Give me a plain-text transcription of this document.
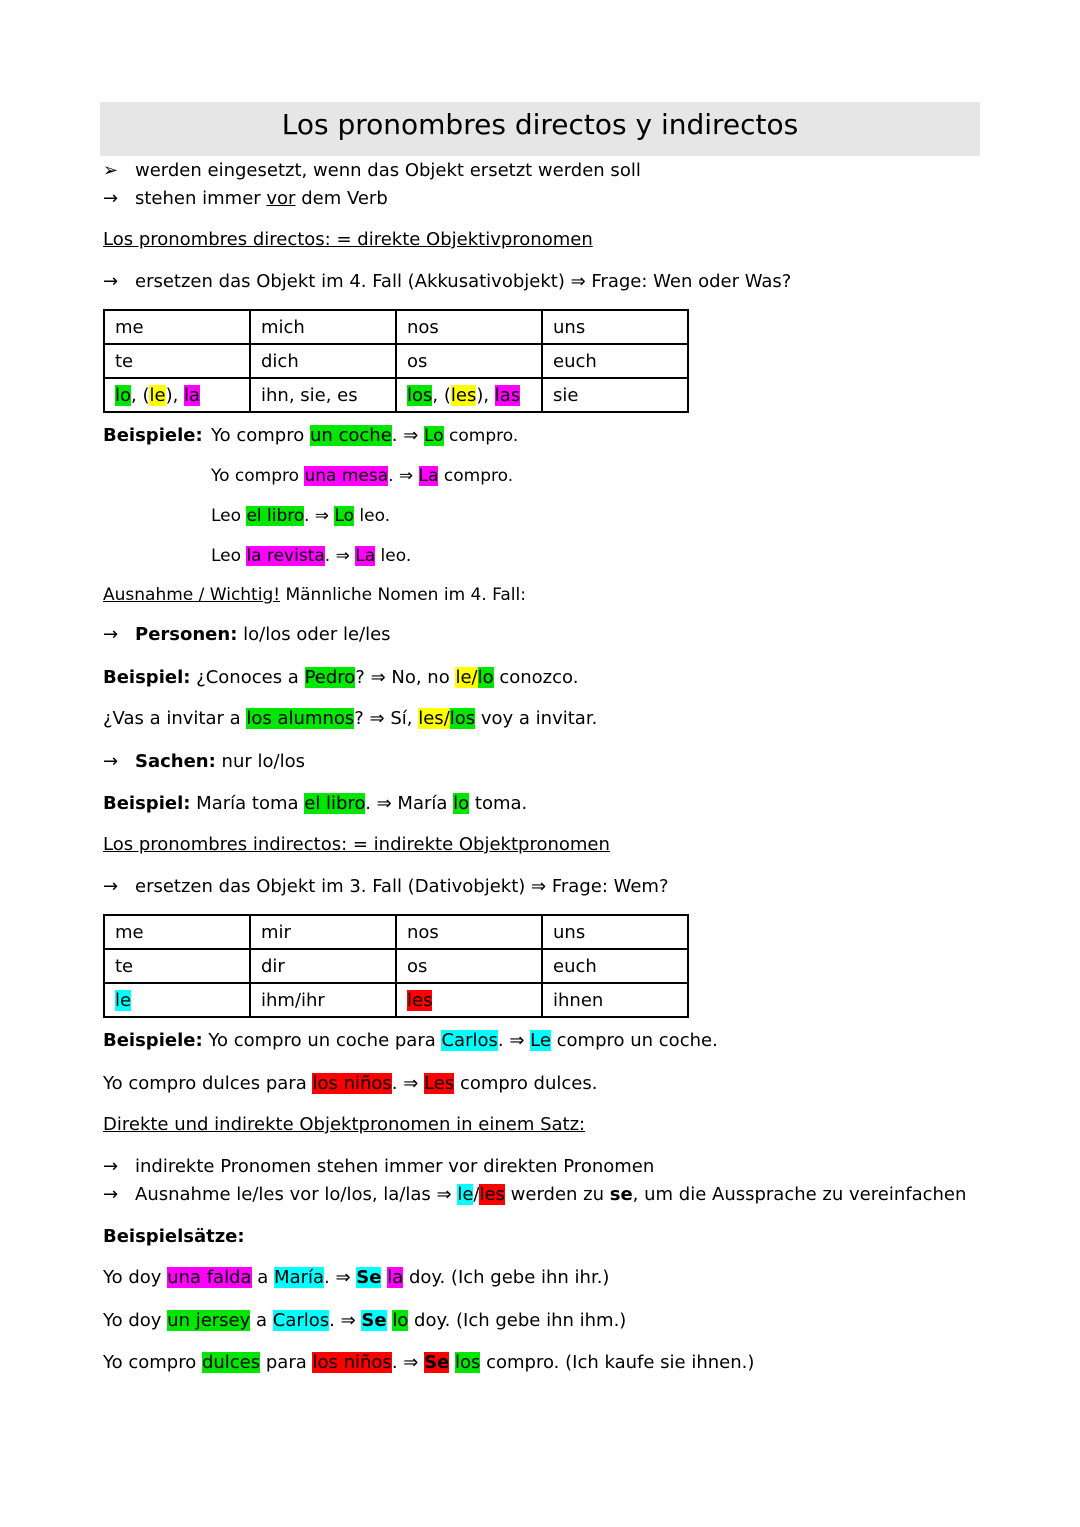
Los pronombres directos y indirectos
➢ werden eingesetzt, wenn das Objekt ersetzt werden soll
→ stehen immer vor dem Verb
Los pronombres directos: = direkte Objektivpronomen
→ ersetzen das Objekt im 4. Fall (Akkusativobjekt) ⇒ Frage: Wen oder Was?
me	mich	nos	uns
te	dich	os	euch
lo, (le), la	ihn, sie, es	los, (les), las	sie
Beispiele: Yo compro un coche. ⇒ Lo compro.
Yo compro una mesa. ⇒ La compro.
Leo el libro. ⇒ Lo leo.
Leo la revista. ⇒ La leo.
Ausnahme / Wichtig! Männliche Nomen im 4. Fall:
→ Personen: lo/los oder le/les
Beispiel: ¿Conoces a Pedro? ⇒ No, no le/lo conozco.
¿Vas a invitar a los alumnos? ⇒ Sí, les/los voy a invitar.
→ Sachen: nur lo/los
Beispiel: María toma el libro. ⇒ María lo toma.
Los pronombres indirectos: = indirekte Objektpronomen
→ ersetzen das Objekt im 3. Fall (Dativobjekt) ⇒ Frage: Wem?
me	mir	nos	uns
te	dir	os	euch
le	ihm/ihr	les	ihnen
Beispiele: Yo compro un coche para Carlos. ⇒ Le compro un coche.
Yo compro dulces para los niños. ⇒ Les compro dulces.
Direkte und indirekte Objektpronomen in einem Satz:
→ indirekte Pronomen stehen immer vor direkten Pronomen
→ Ausnahme le/les vor lo/los, la/las ⇒ le/les werden zu se, um die Aussprache zu vereinfachen
Beispielsätze:
Yo doy una falda a María. ⇒ Se la doy. (Ich gebe ihn ihr.)
Yo doy un jersey a Carlos. ⇒ Se lo doy. (Ich gebe ihn ihm.)
Yo compro dulces para los niños. ⇒ Se los compro. (Ich kaufe sie ihnen.)
